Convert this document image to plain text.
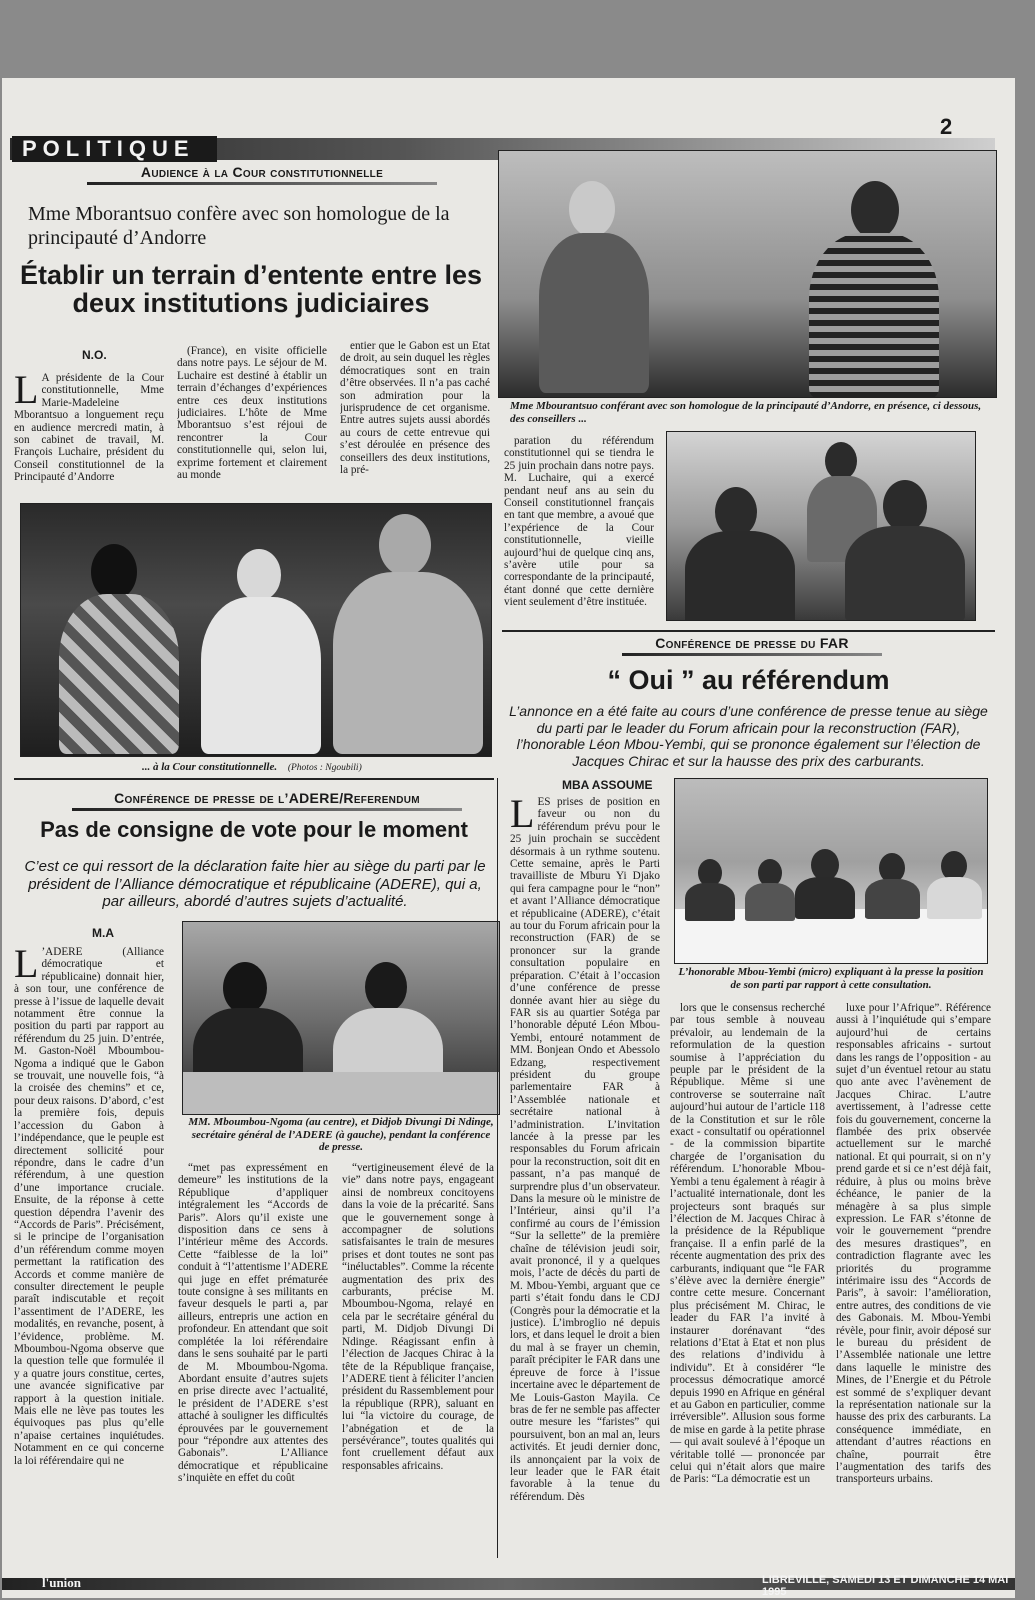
POLITIQUE
2
Audience à la Cour constitutionnelle
Mme Mborantsuo confère avec son homologue de la principauté d’Andorre
Établir un terrain d’entente entre les deux institutions judiciaires
N.O.

L A présidente de la Cour constitutionnelle, Mme Marie-Madeleine Mborantsuo a longuement reçu en audience mercredi matin, à son cabinet de travail, M. François Luchaire, président du Conseil constitutionnel de la Principauté d’Andorre

(France), en visite officielle dans notre pays. Le séjour de M. Luchaire est destiné à établir un terrain d’échanges d’expériences entre ces deux institutions judiciaires. L’hôte de Mme Mborantsuo s’est réjoui de rencontrer la Cour constitutionnelle qui, selon lui, exprime fortement et clairement au monde

entier que le Gabon est un Etat de droit, au sein duquel les règles démocratiques sont en train d’être observées. Il n’a pas caché son admiration pour la jurisprudence de cet organisme. Entre autres sujets aussi abordés au cours de cette entrevue qui s’est déroulée en présence des conseillers des deux institutions, la pré-

Mme Mbourantsuo conférant avec son homologue de la principauté d’Andorre, en présence, ci dessous, des conseillers ...

paration du référendum constitutionnel qui se tiendra le 25 juin prochain dans notre pays. M. Luchaire, qui a exercé pendant neuf ans au sein du Conseil constitutionnel français en tant que membre, a avoué que l’expérience de la Cour constitutionnelle, vieille aujourd’hui de quelque cinq ans, s’avère utile pour sa correspondante de la principauté, étant donné que cette dernière vient seulement d’être instituée.

... à la Cour constitutionnelle. (Photos : Ngoubili)
Conférence de presse du FAR
“ Oui ” au référendum
L’annonce en a été faite au cours d’une conférence de presse tenue au siège du parti par le leader du Forum africain pour la reconstruction (FAR), l’honorable Léon Mbou-Yembi, qui se prononce également sur l’élection de Jacques Chirac et sur la hausse des prix des carburants.
MBA ASSOUME

LES prises de position en faveur ou non du référendum prévu pour le 25 juin prochain se succèdent désormais à un rythme soutenu. Cette semaine, après le Parti travailliste de Mburu Yi Djako qui fera campagne pour le “non” et avant l’Alliance démocratique et républicaine (ADERE), c’était au tour du Forum africain pour la reconstruction (FAR) de se prononcer sur la grande consultation populaire en préparation. C’était à l’occasion d’une conférence de presse donnée avant hier au siège du FAR sis au quartier Sotéga par l’honorable député Léon Mbou-Yembi, entouré notamment de MM. Bonjean Ondo et Abessolo Edzang, respectivement président du groupe parlementaire FAR à l’Assemblée nationale et secrétaire national à l’administration. L’invitation lancée à la presse par les responsables du Forum africain pour la reconstruction, soit dit en passant, n’a pas manqué de surprendre plus d’un observateur. Dans la mesure où le ministre de l’Intérieur, ainsi qu’il l’a confirmé au cours de l’émission “Sur la sellette” de la première chaîne de télévision jeudi soir, avait prononcé, il y a quelques mois, l’acte de décès du parti de M. Mbou-Yembi, arguant que ce parti s’était fondu dans le CDJ (Congrès pour la démocratie et la justice). L’imbroglio né depuis lors, et dans lequel le droit a bien du mal à se frayer un chemin, paraît précipiter le FAR dans une épreuve de force à l’issue incertaine avec le département de Me Louis-Gaston Mayila. Ce bras de fer ne semble pas affecter outre mesure les “faristes” qui poursuivent, bon an mal an, leurs activités. Et jeudi dernier donc, ils annonçaient par la voix de leur leader que le FAR était favorable à la tenue du référendum. Dès

L’honorable Mbou-Yembi (micro) expliquant à la presse la position de son parti par rapport à cette consultation.

lors que le consensus recherché par tous semble à nouveau prévaloir, au lendemain de la reformulation de la question soumise à l’appréciation du peuple par le président de la République. Même si une controverse se souterraine naît aujourd’hui autour de l’article 118 de la Constitution et sur le rôle exact - consultatif ou opérationnel - de la commission bipartite chargée de l’organisation du référendum. L’honorable Mbou-Yembi a tenu également à réagir à l’actualité internationale, dont les projecteurs sont braqués sur l’élection de M. Jacques Chirac à la présidence de la République française. Il a enfin parlé de la récente augmentation des prix des carburants, indiquant que “le FAR s’élève avec la dernière énergie” contre cette mesure. Concernant plus précisément M. Chirac, le leader du FAR l’a invité à instaurer dorénavant “des relations d’Etat à Etat et non plus des relations d’individu à individu”. Et à considérer “le processus démocratique amorcé depuis 1990 en Afrique en général et au Gabon en particulier, comme irréversible”. Allusion sous forme de mise en garde à la petite phrase — qui avait soulevé à l’époque un véritable tollé — prononcée par celui qui n’était alors que maire de Paris: “La démocratie est un

luxe pour l’Afrique”. Référence aussi à l’inquiétude qui s’empare aujourd’hui de certains responsables africains - surtout dans les rangs de l’opposition - au sujet d’un éventuel retour au statu quo ante avec l’avènement de Jacques Chirac. L’autre avertissement, à l’adresse cette fois du gouvernement, concerne la flambée des prix observée actuellement sur le marché national. Et qui pourrait, si on n’y prend garde et si ce n’est déjà fait, réduire, à plus ou moins brève échéance, le panier de la ménagère à sa plus simple expression. Le FAR s’étonne de voir le gouvernement “prendre des mesures drastiques”, en contradiction flagrante avec les priorités du programme intérimaire issu des “Accords de Paris”, à savoir: l’amélioration, entre autres, des conditions de vie des Gabonais. M. Mbou-Yembi révèle, pour finir, avoir déposé sur le bureau du président de l’Assemblée nationale une lettre dans laquelle le ministre des Mines, de l’Energie et du Pétrole est sommé de s’expliquer devant la représentation nationale sur la hausse des prix des carburants. La conséquence immédiate, en attendant d’autres réactions en chaîne, pourrait être l’augmentation des tarifs des transporteurs urbains.

Conférence de presse de l’ADERE/Referendum
Pas de consigne de vote pour le moment
C’est ce qui ressort de la déclaration faite hier au siège du parti par le président de l’Alliance démocratique et républicaine (ADERE), qui a, par ailleurs, abordé d’autres sujets d’actualité.
M.A

L ’ADERE (Alliance démocratique et républicaine) donnait hier, à son tour, une conférence de presse à l’issue de laquelle devait notamment être connue la position du parti par rapport au référendum du 25 juin. D’entrée, M. Gaston-Noël Mboumbou-Ngoma a indiqué que le Gabon se trouvait, une nouvelle fois, “à la croisée des chemins” et ce, pour deux raisons. D’abord, c’est la première fois, depuis l’accession du Gabon à l’indépendance, que le peuple est directement sollicité pour répondre, dans le cadre d’un référendum, à une question d’une importance cruciale. Ensuite, de la réponse à cette question dépendra l’avenir des “Accords de Paris”. Précisément, si le principe de l’organisation d’un référendum comme moyen permettant la ratification des Accords et comme manière de consulter directement le peuple paraît indiscutable et reçoit l’assentiment de l’ADERE, les modalités, en revanche, posent, à l’évidence, problème. M. Mboumbou-Ngoma observe que la question telle que formulée il y a quatre jours constitue, certes, une avancée significative par rapport à la question initiale. Mais elle ne lève pas toutes les équivoques pas plus qu’elle n’apaise certaines inquiétudes. Notamment en ce qui concerne la loi référendaire qui ne

MM. Mboumbou-Ngoma (au centre), et Didjob Divungi Di Ndinge, secrétaire général de l’ADERE (à gauche), pendant la conférence de presse.

“met pas expressément en demeure” les institutions de la République d’appliquer intégralement les “Accords de Paris”. Alors qu’il existe une disposition dans ce sens à l’intérieur même des Accords. Cette “faiblesse de la loi” conduit à “l’attentisme l’ADERE qui juge en effet prématurée toute consigne à ses militants en faveur desquels le parti a, par ailleurs, entrepris une action en profondeur. En attendant que soit complétée la loi référendaire dans le sens souhaité par le parti de M. Mboumbou-Ngoma. Abordant ensuite d’autres sujets en prise directe avec l’actualité, le président de l’ADERE s’est attaché à souligner les difficultés éprouvées par le gouvernement pour “répondre aux attentes des Gabonais”. L’Alliance démocratique et républicaine s’inquiète en effet du coût

“vertigineusement élevé de la vie” dans notre pays, engageant ainsi de nombreux concitoyens dans la voie de la précarité. Sans que le gouvernement songe à accompagner de solutions satisfaisantes le train de mesures prises et dont toutes ne sont pas “inéluctables”. Comme la récente augmentation des prix des carburants, précise M. Mboumbou-Ngoma, relayé en cela par le secrétaire général du parti, M. Didjob Divungi Di Ndinge. Réagissant enfin à l’élection de Jacques Chirac à la tête de la République française, l’ADERE tient à féliciter l’ancien président du Rassemblement pour la république (RPR), saluant en lui “la victoire du courage, de l’abnégation et de la persévérance”, toutes qualités qui font cruellement défaut aux responsables africains.

l'union	LIBREVILLE, SAMEDI 13 ET DIMANCHE 14 MAI 1995
